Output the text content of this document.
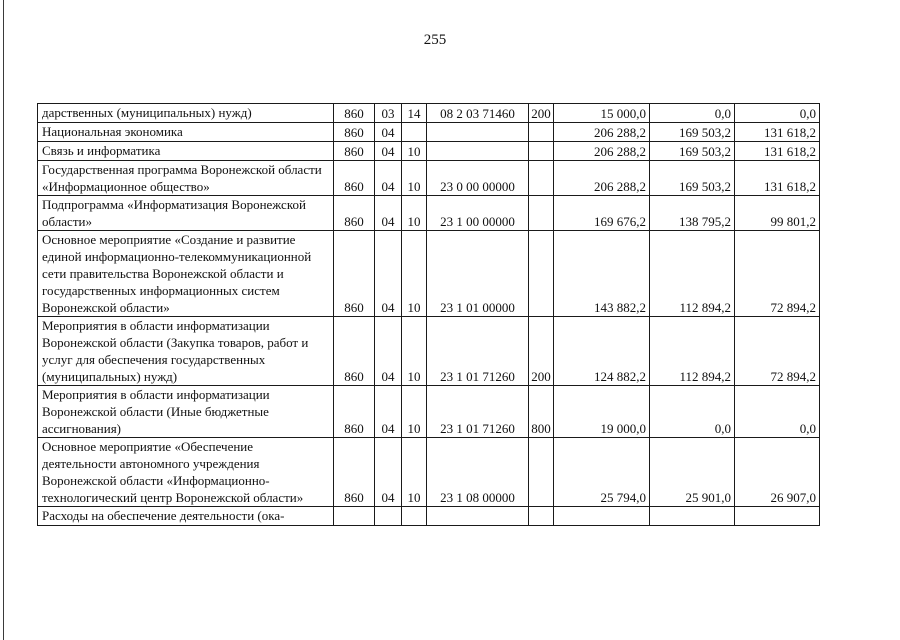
255
дарственных (муниципальных) нужд)	860	03	14	08 2 03 71460	200	15 000,0	0,0	0,0
Национальная экономика	860	04				206 288,2	169 503,2	131 618,2
Связь и информатика	860	04	10			206 288,2	169 503,2	131 618,2
Государственная программа Воронежской области «Информационное общество»	860	04	10	23 0 00 00000		206 288,2	169 503,2	131 618,2
Подпрограмма «Информатизация Воронежской области»	860	04	10	23 1 00 00000		169 676,2	138 795,2	99 801,2
Основное мероприятие «Создание и развитие единой информационно-телекоммуникационной сети правительства Воронежской области и государственных информационных систем Воронежской области»	860	04	10	23 1 01 00000		143 882,2	112 894,2	72 894,2
Мероприятия в области информатизации Воронежской области (Закупка товаров, работ и услуг для обеспечения государственных (муниципальных) нужд)	860	04	10	23 1 01 71260	200	124 882,2	112 894,2	72 894,2
Мероприятия в области информатизации Воронежской области (Иные бюджетные ассигнования)	860	04	10	23 1 01 71260	800	19 000,0	0,0	0,0
Основное мероприятие «Обеспечение деятельности автономного учреждения Воронежской области «Информационно-технологический центр Воронежской области»	860	04	10	23 1 08 00000		25 794,0	25 901,0	26 907,0
Расходы на обеспечение деятельности (ока-								
